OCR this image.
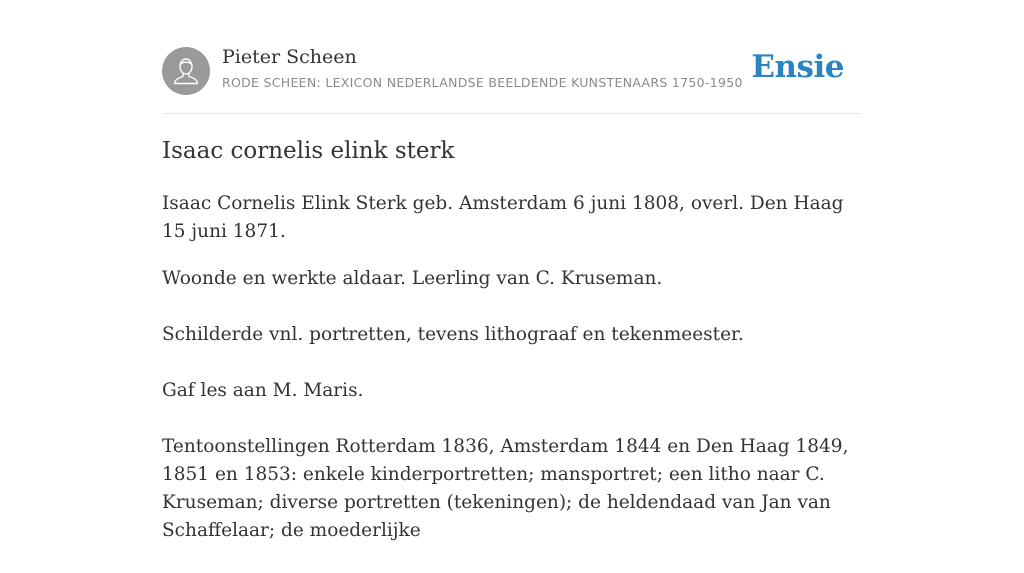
Pieter Scheen
RODE SCHEEN: LEXICON NEDERLANDSE BEELDENDE KUNSTENAARS 1750-1950 Ensie
Isaac cornelis elink sterk

Isaac Cornelis Elink Sterk geb. Amsterdam 6 juni 1808, overl. Den Haag 15 juni 1871.

Woonde en werkte aldaar. Leerling van C. Kruseman.

Schilderde vnl. portretten, tevens lithograaf en tekenmeester.

Gaf les aan M. Maris.

Tentoonstellingen Rotterdam 1836, Amsterdam 1844 en Den Haag 1849, 1851 en 1853: enkele kinderportretten; mansportret; een litho naar C. Kruseman; diverse portretten (tekeningen); de heldendaad van Jan van Schaffelaar; de moederlijke
